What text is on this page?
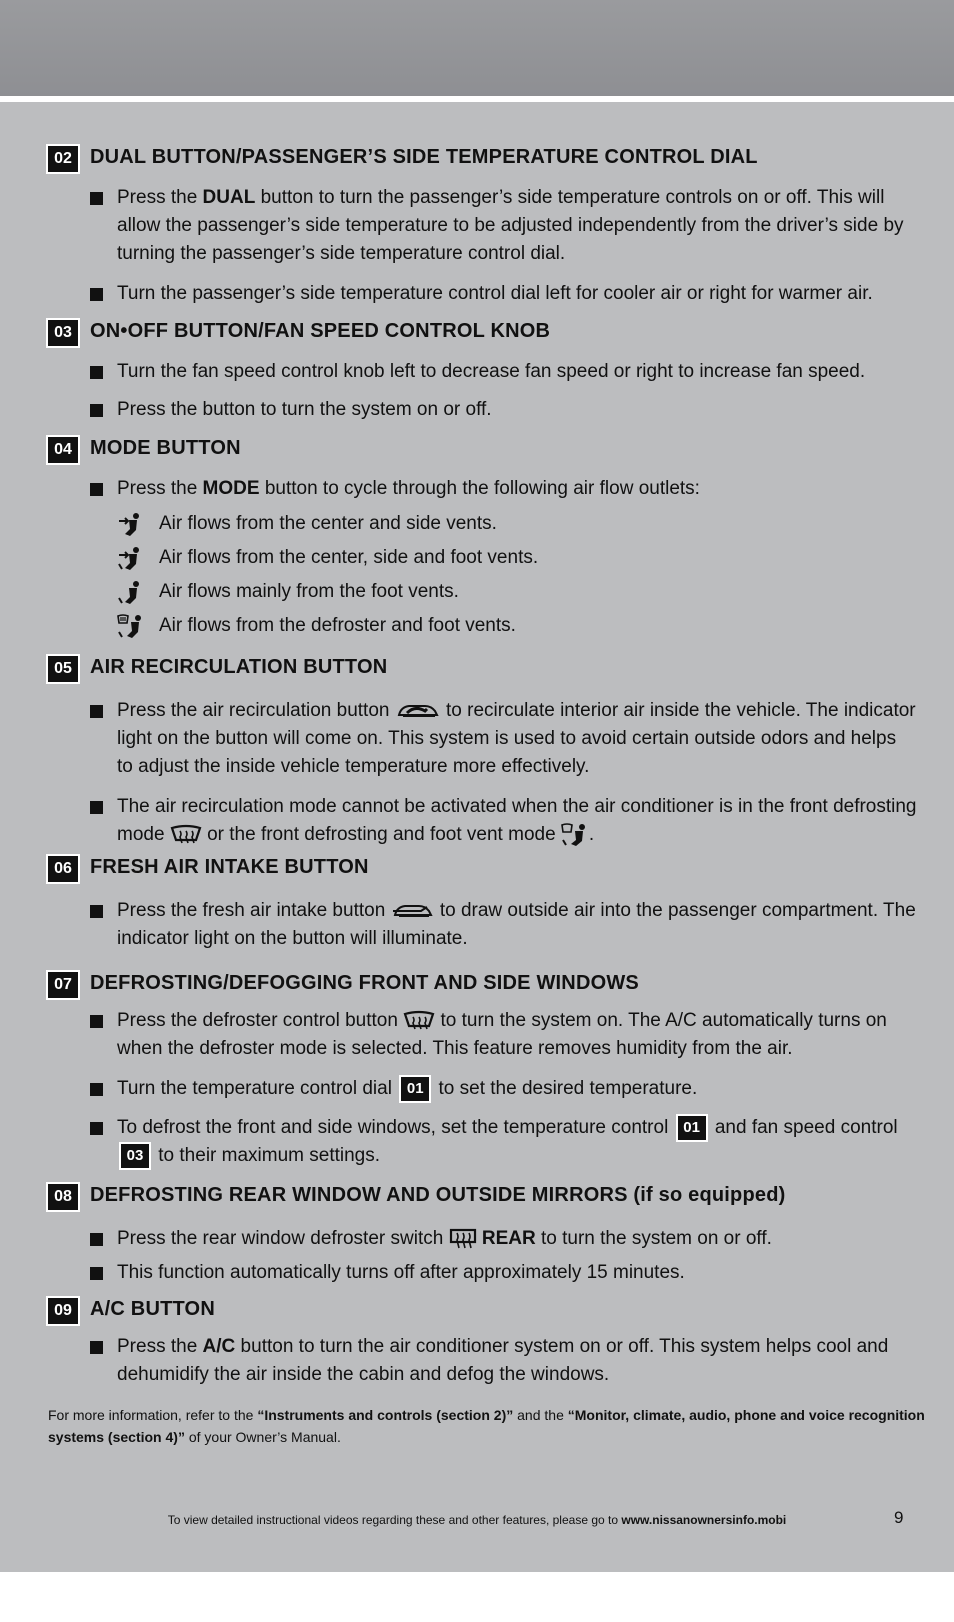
02 DUAL BUTTON/PASSENGER’S SIDE TEMPERATURE CONTROL DIAL
Press the DUAL button to turn the passenger’s side temperature controls on or off. This will allow the passenger’s side temperature to be adjusted independently from the driver’s side by turning the passenger’s side temperature control dial.
Turn the passenger’s side temperature control dial left for cooler air or right for warmer air.
03 ON•OFF BUTTON/FAN SPEED CONTROL KNOB
Turn the fan speed control knob left to decrease fan speed or right to increase fan speed.
Press the button to turn the system on or off.
04 MODE BUTTON
Press the MODE button to cycle through the following air flow outlets:
Air flows from the center and side vents.
Air flows from the center, side and foot vents.
Air flows mainly from the foot vents.
Air flows from the defroster and foot vents.
05 AIR RECIRCULATION BUTTON
Press the air recirculation button  to recirculate interior air inside the vehicle. The indicator light on the button will come on. This system is used to avoid certain outside odors and helps to adjust the inside vehicle temperature more effectively.
The air recirculation mode cannot be activated when the air conditioner is in the front defrosting mode  or the front defrosting and foot vent mode .
06 FRESH AIR INTAKE BUTTON
Press the fresh air intake button  to draw outside air into the passenger compartment. The indicator light on the button will illuminate.
07 DEFROSTING/DEFOGGING FRONT AND SIDE WINDOWS
Press the defroster control button  to turn the system on. The A/C automatically turns on when the defroster mode is selected. This feature removes humidity from the air.
Turn the temperature control dial 01 to set the desired temperature.
To defrost the front and side windows, set the temperature control 01 and fan speed control 03 to their maximum settings.
08 DEFROSTING REAR WINDOW AND OUTSIDE MIRRORS (if so equipped)
Press the rear window defroster switch  REAR to turn the system on or off.
This function automatically turns off after approximately 15 minutes.
09 A/C BUTTON
Press the A/C button to turn the air conditioner system on or off. This system helps cool and dehumidify the air inside the cabin and defog the windows.
For more information, refer to the “Instruments and controls (section 2)” and the “Monitor, climate, audio, phone and voice recognition systems (section 4)” of your Owner’s Manual.
To view detailed instructional videos regarding these and other features, please go to www.nissanownersinfo.mobi	9
